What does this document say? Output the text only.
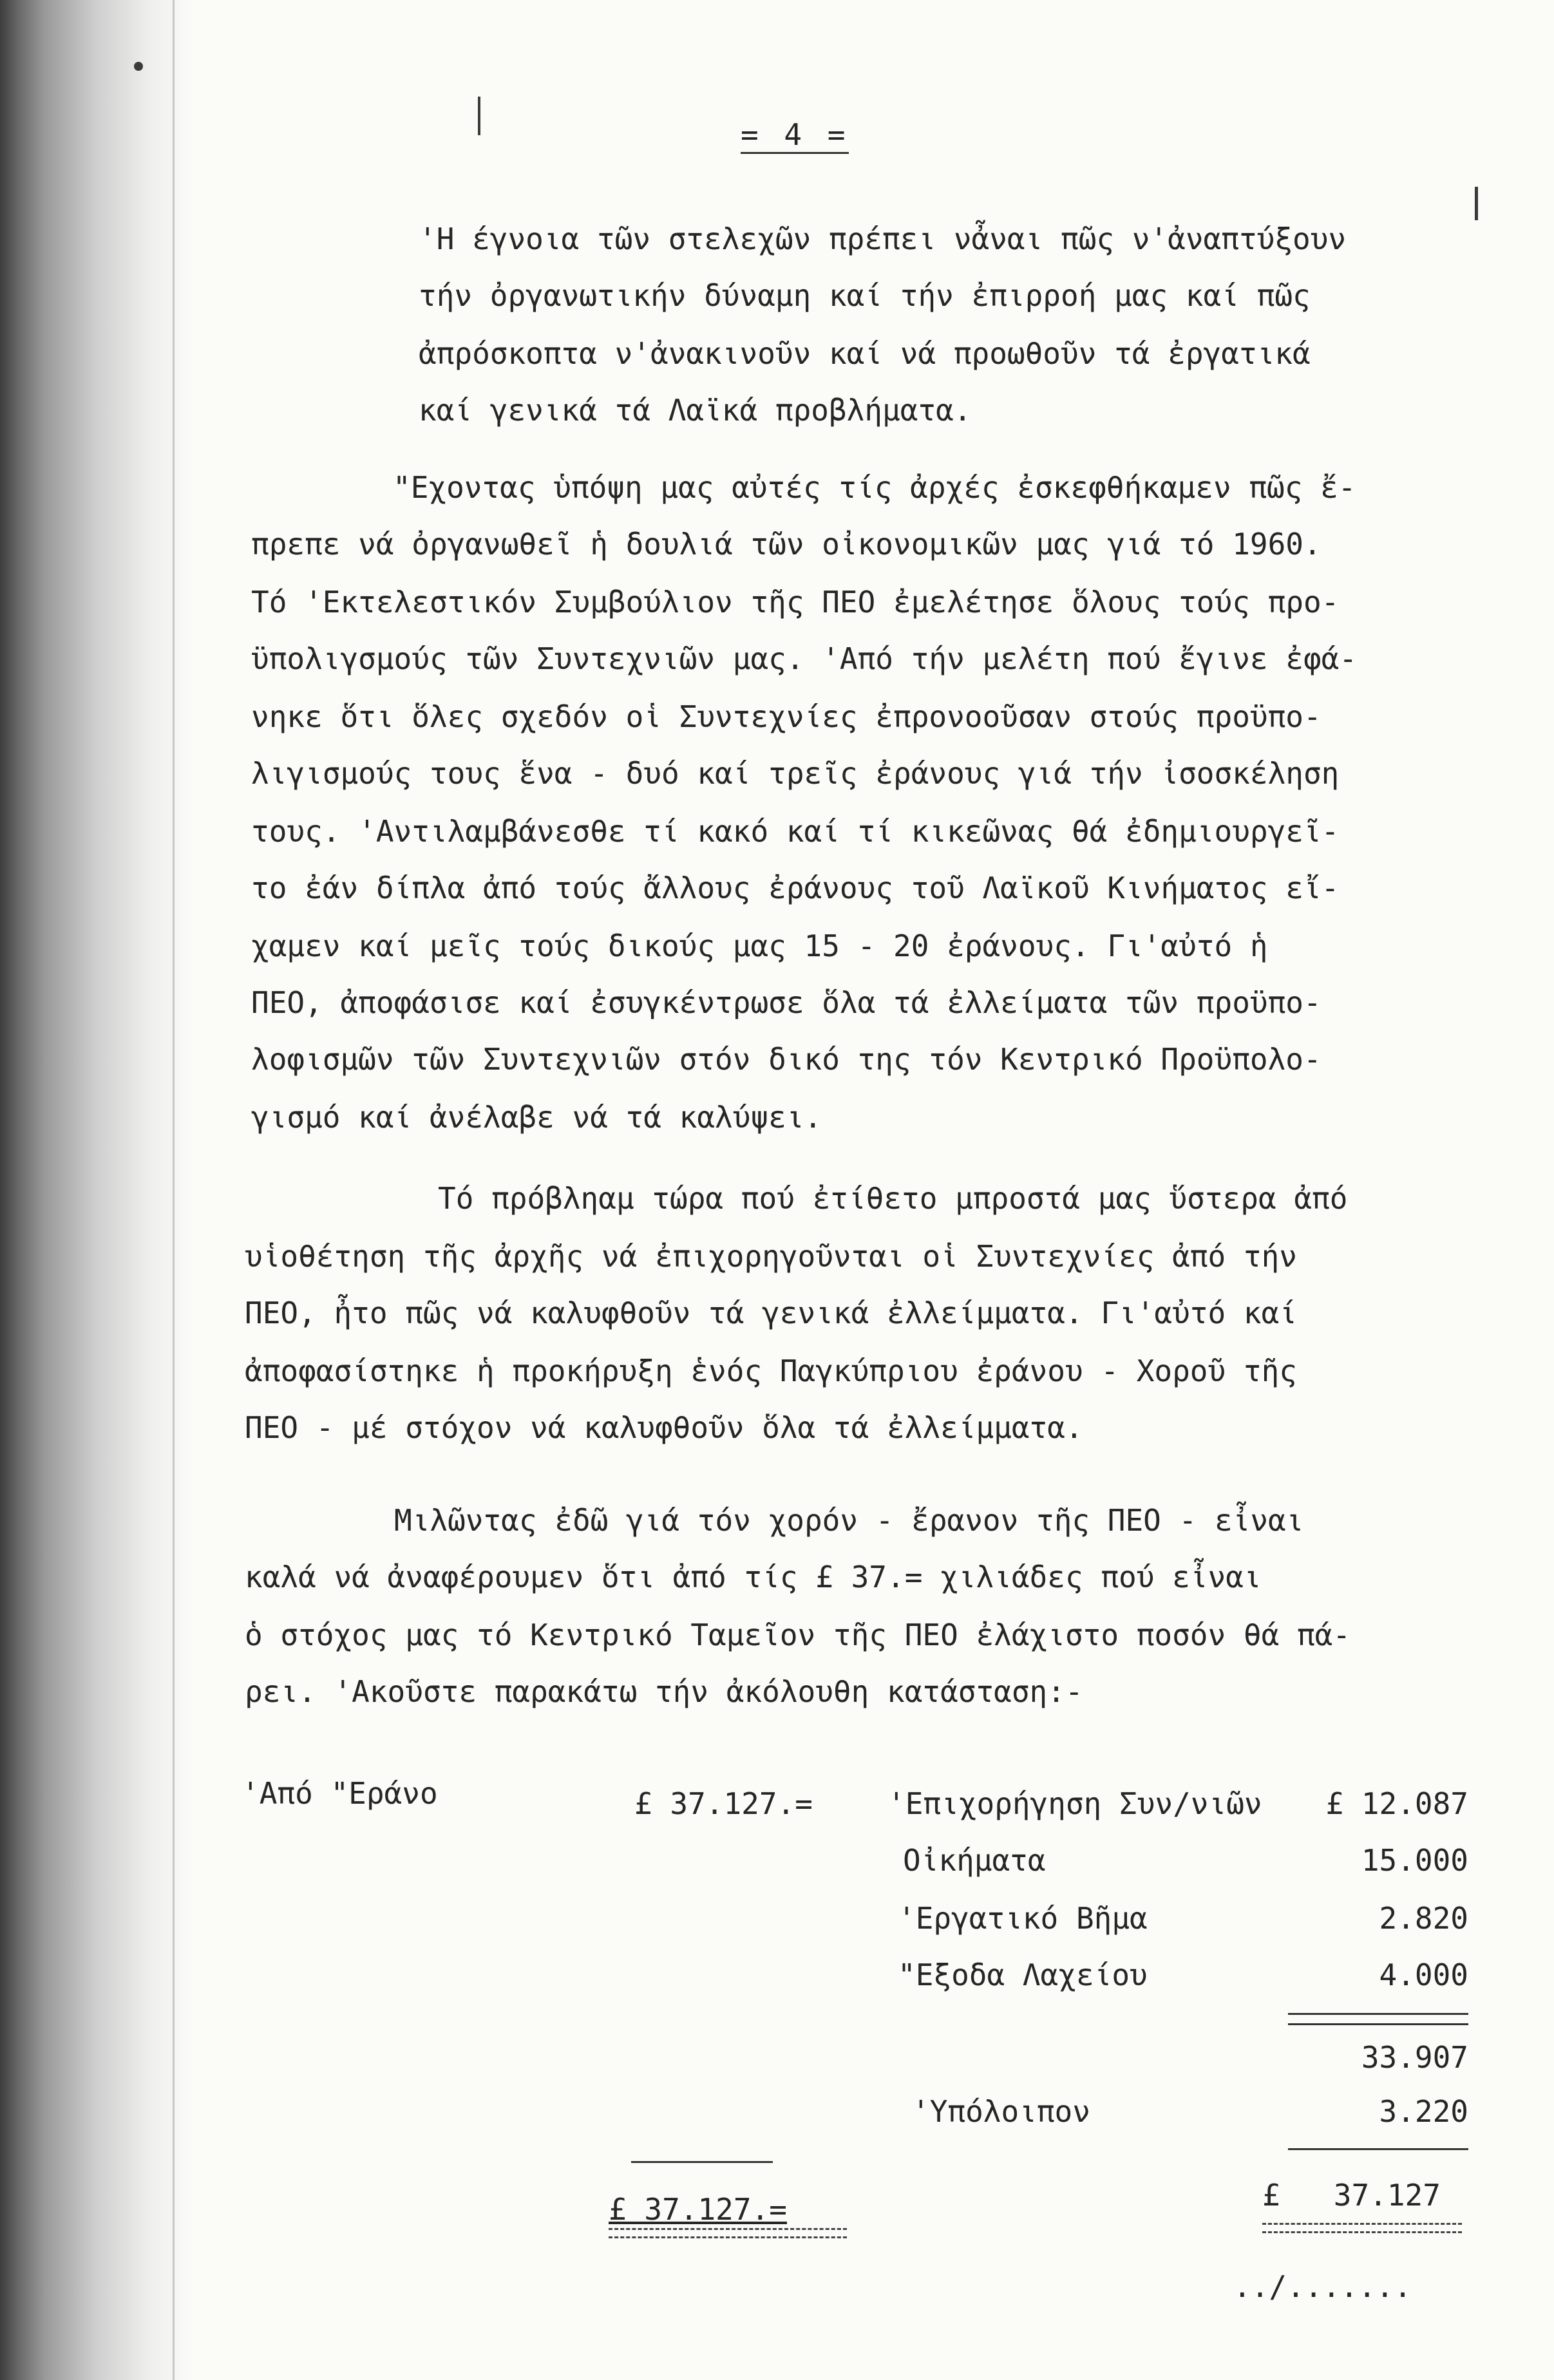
= 4 =
'Η έγνοια τῶν στελεχῶν πρέπει νἆναι πῶς ν'ἀναπτύξουν
τήν ὀργανωτικήν δύναμη καί τήν ἐπιρροή μας καί πῶς
ἀπρόσκοπτα ν'ἀνακινοῦν καί νά προωθοῦν τά ἐργατικά
καί γενικά τά Λαϊκά προβλήματα.
"Εχοντας ὑπόψη μας αὐτές τίς ἀρχές ἐσκεφθήκαμεν πῶς ἔ-
πρεπε νά ὀργανωθεῖ ἡ δουλιά τῶν οἰκονομικῶν μας γιά τό 1960.
Τό 'Εκτελεστικόν Συμβούλιον τῆς ΠΕΟ ἐμελέτησε ὅλους τούς προ-
ϋπολιγσμούς τῶν Συντεχνιῶν μας. 'Από τήν μελέτη πού ἔγινε ἐφά-
νηκε ὅτι ὅλες σχεδόν οἱ Συντεχνίες ἐπρονοοῦσαν στούς προϋπο-
λιγισμούς τους ἕνα - δυό καί τρεῖς ἐράνους γιά τήν ἰσοσκέληση
τους. 'Αντιλαμβάνεσθε τί κακό καί τί κικεῶνας θά ἐδημιουργεῖ-
το ἐάν δίπλα ἀπό τούς ἄλλους ἐράνους τοῦ Λαϊκοῦ Κινήματος εἴ-
χαμεν καί μεῖς τούς δικούς μας 15 - 20 ἐράνους. Γι'αὐτό ἡ
ΠΕΟ, ἀποφάσισε καί ἐσυγκέντρωσε ὅλα τά ἐλλείματα τῶν προϋπο-
λοφισμῶν τῶν Συντεχνιῶν στόν δικό της τόν Κεντρικό Προϋπολο-
γισμό καί ἀνέλαβε νά τά καλύψει.
Τό πρόβληαμ τώρα πού ἐτίθετο μπροστά μας ὕστερα ἀπό
υἱοθέτηση τῆς ἀρχῆς νά ἐπιχορηγοῦνται οἱ Συντεχνίες ἀπό τήν
ΠΕΟ, ἦτο πῶς νά καλυφθοῦν τά γενικά ἐλλείμματα. Γι'αὐτό καί
ἀποφασίστηκε ἡ προκήρυξη ἑνός Παγκύπριου ἐράνου - Χοροῦ τῆς
ΠΕΟ - μέ στόχον νά καλυφθοῦν ὅλα τά ἐλλείμματα.
Μιλῶντας ἐδῶ γιά τόν χορόν - ἔρανον τῆς ΠΕΟ - εἶναι
καλά νά ἀναφέρουμεν ὅτι ἀπό τίς £ 37.= χιλιάδες πού εἶναι
ὁ στόχος μας τό Κεντρικό Ταμεῖον τῆς ΠΕΟ ἐλάχιστο ποσόν θά πά-
ρει. 'Ακοῦστε παρακάτω τήν ἀκόλουθη κατάσταση:-
'Από "Εράνο	£ 37.127.=	'Επιχορήγηση Συν/νιῶν	£ 12.087
Οἰκήματα	15.000
'Εργατικό Βῆμα	2.820
"Εξοδα Λαχείου	4.000
33.907
'Υπόλοιπον	3.220
£ 37.127.=	£   37.127
../.......
